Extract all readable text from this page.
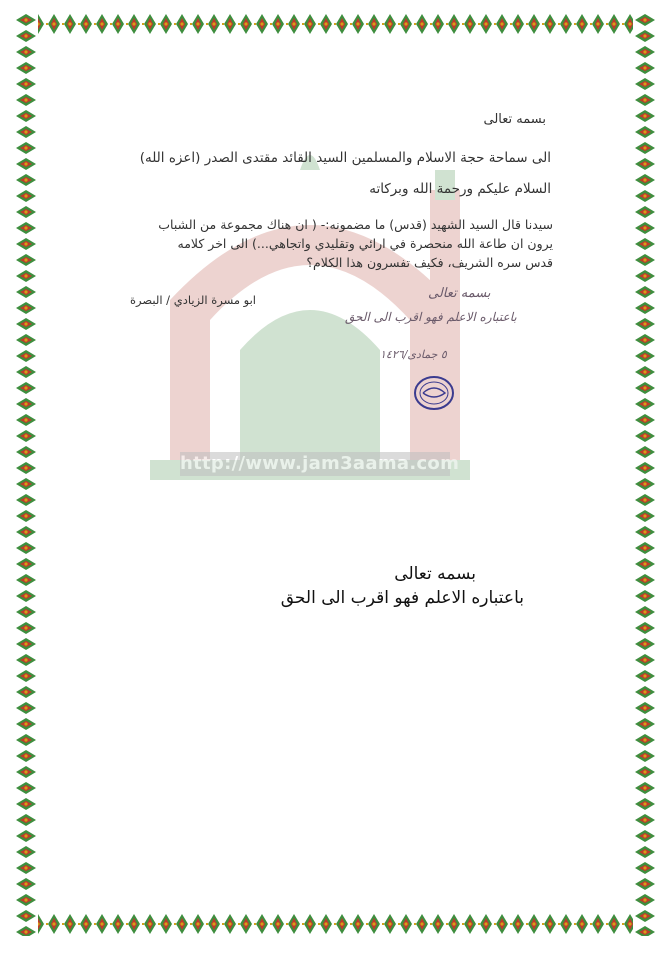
http://www.jam3aama.com
بسمه تعالى
الى سماحة حجة الاسلام والمسلمين السيد القائد مقتدى الصدر (اعزه الله)
السلام عليكم ورحمة الله وبركاته
سيدنا قال السيد الشهيد (قدس) ما مضمونه:- ( ان هناك مجموعة من الشباب يرون ان طاعة الله منحصرة في ارائي وتقليدي واتجاهي...) الى اخر كلامه قدس سره الشريف، فكيف تفسرون هذا الكلام؟
ابو مسرة الزيادي / البصرة	بسمه تعالى
باعتباره الاعلم فهو اقرب الى الحق
٥ جمادى/١٤٢٦
بسمه تعالى
باعتباره الاعلم فهو اقرب الى الحق
